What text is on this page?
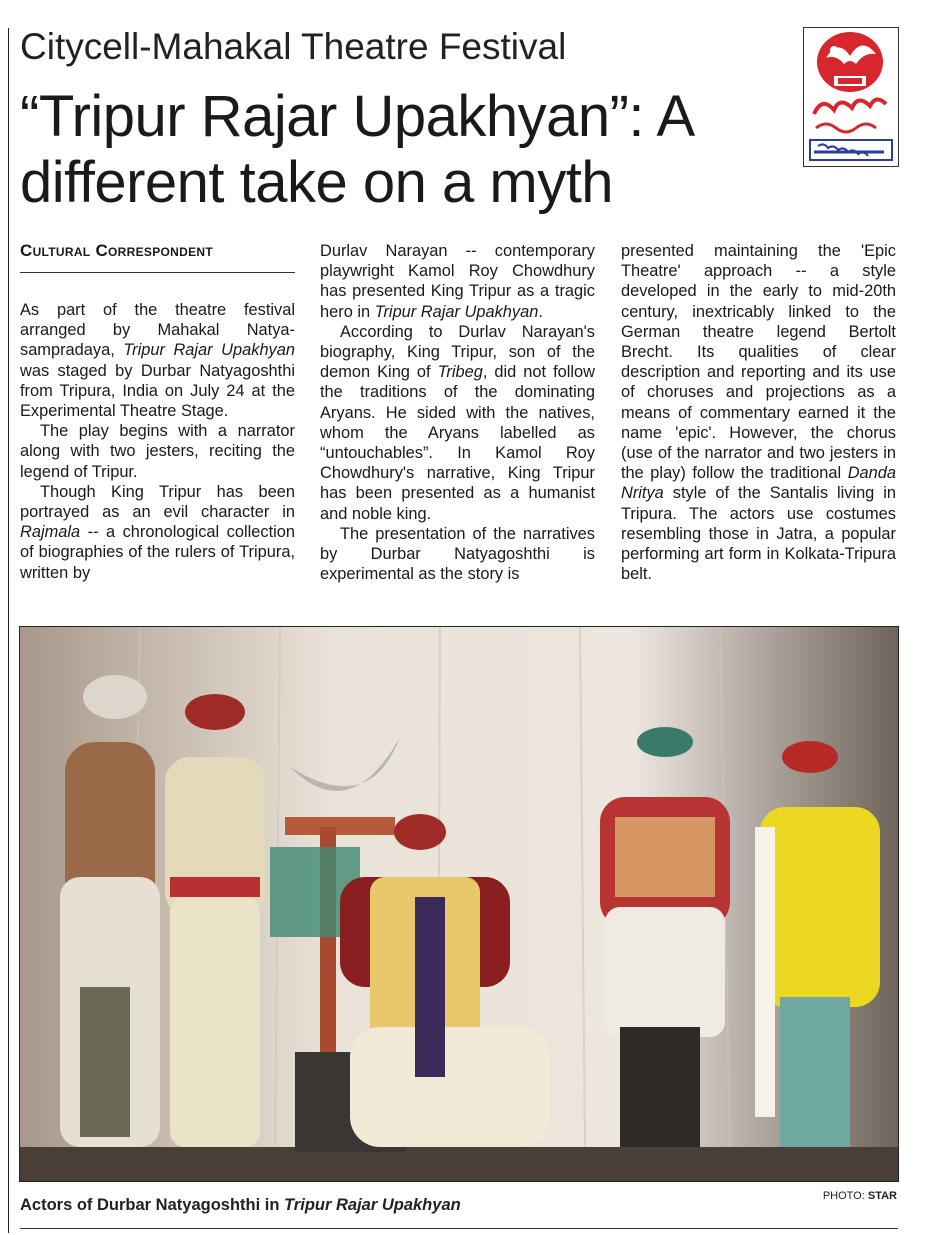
Citycell-Mahakal Theatre Festival
“Tripur Rajar Upakhyan”: A different take on a myth
Cultural Correspondent

As part of the theatre festival arranged by Mahakal Natya-sampradaya, Tripur Rajar Upakhyan was staged by Durbar Natyagoshthi from Tripura, India on July 24 at the Experimental Theatre Stage.

The play begins with a narrator along with two jesters, reciting the legend of Tripur.

Though King Tripur has been portrayed as an evil character in Rajmala -- a chronological collection of biographies of the rulers of Tripura, written by

Durlav Narayan -- contemporary playwright Kamol Roy Chowdhury has presented King Tripur as a tragic hero in Tripur Rajar Upakhyan.

According to Durlav Narayan's biography, King Tripur, son of the demon King of Tribeg, did not follow the traditions of the dominating Aryans. He sided with the natives, whom the Aryans labelled as “untouchables”. In Kamol Roy Chowdhury's narrative, King Tripur has been presented as a humanist and noble king.

The presentation of the narratives by Durbar Natyagoshthi is experimental as the story is

presented maintaining the 'Epic Theatre' approach -- a style developed in the early to mid-20th century, inextricably linked to the German theatre legend Bertolt Brecht. Its qualities of clear description and reporting and its use of choruses and projections as a means of commentary earned it the name 'epic'. However, the chorus (use of the narrator and two jesters in the play) follow the traditional Danda Nritya style of the Santalis living in Tripura. The actors use costumes resembling those in Jatra, a popular performing art form in Kolkata-Tripura belt.

PHOTO: STAR
Actors of Durbar Natyagoshthi in Tripur Rajar Upakhyan
